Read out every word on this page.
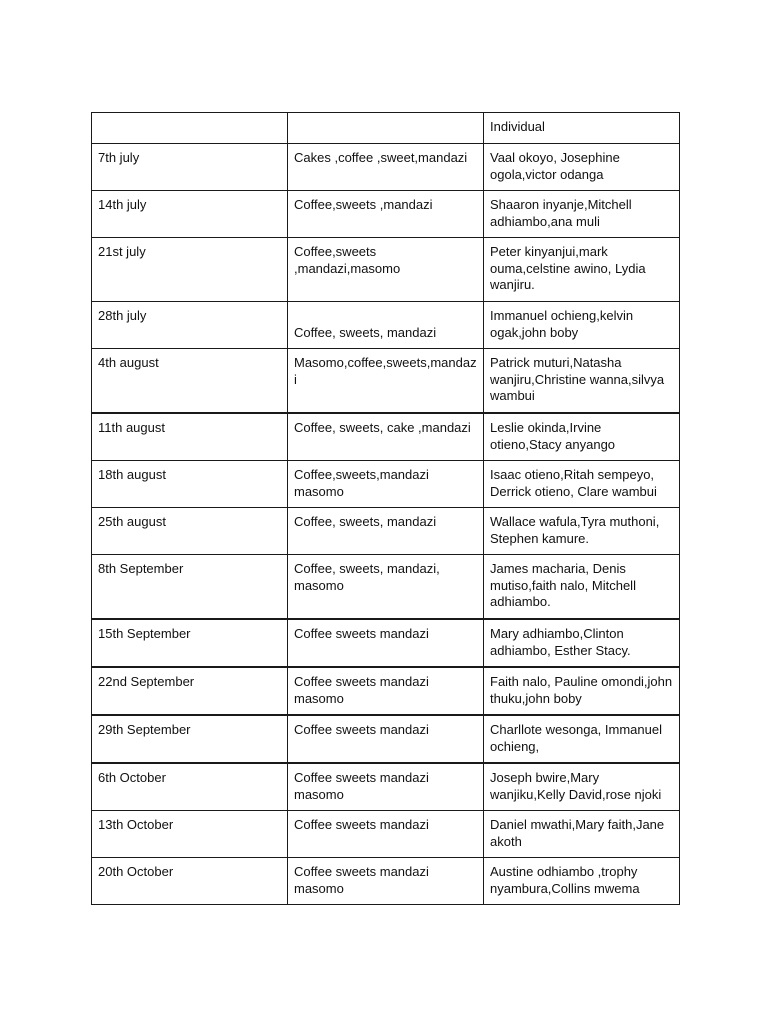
		Individual
7th july	Cakes ,coffee ,sweet,mandazi	Vaal okoyo, Josephine ogola,victor odanga
14th july	Coffee,sweets ,mandazi	Shaaron inyanje,Mitchell adhiambo,ana muli
21st july	Coffee,sweets ,mandazi,masomo	Peter kinyanjui,mark ouma,celstine awino, Lydia wanjiru.
28th july	Coffee, sweets, mandazi	Immanuel ochieng,kelvin ogak,john boby
4th august	Masomo,coffee,sweets,mandazi	Patrick muturi,Natasha wanjiru,Christine wanna,silvya wambui
11th august	Coffee, sweets, cake ,mandazi	Leslie okinda,Irvine otieno,Stacy anyango
18th august	Coffee,sweets,mandazi masomo	Isaac otieno,Ritah sempeyo, Derrick otieno, Clare wambui
25th august	Coffee, sweets, mandazi	Wallace wafula,Tyra muthoni, Stephen kamure.
8th September	Coffee, sweets, mandazi, masomo	James macharia, Denis mutiso,faith nalo, Mitchell adhiambo.
15th September	Coffee sweets mandazi	Mary adhiambo,Clinton adhiambo, Esther Stacy.
22nd September	Coffee sweets mandazi masomo	Faith nalo, Pauline omondi,john thuku,john boby
29th September	Coffee sweets mandazi	Charllote wesonga, Immanuel ochieng,
6th October	Coffee sweets mandazi masomo	Joseph bwire,Mary wanjiku,Kelly David,rose njoki
13th October	Coffee sweets mandazi	Daniel mwathi,Mary faith,Jane akoth
20th October	Coffee sweets mandazi masomo	Austine odhiambo ,trophy nyambura,Collins mwema
